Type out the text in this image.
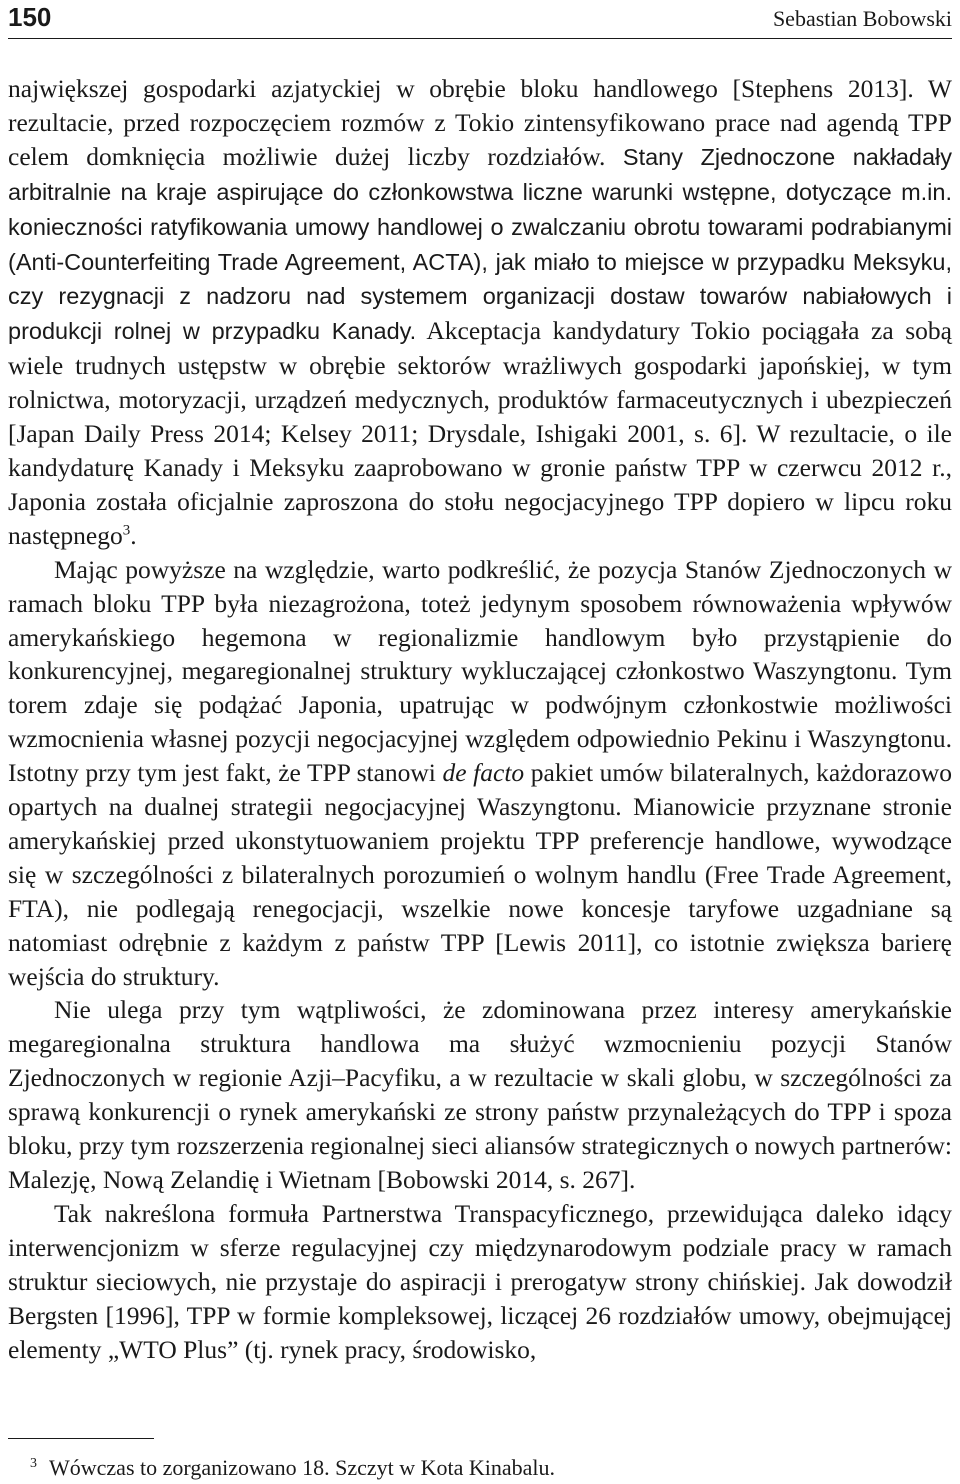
150	Sebastian Bobowski

największej gospodarki azjatyckiej w obrębie bloku handlowego [Stephens 2013]. W rezultacie, przed rozpoczęciem rozmów z Tokio zintensyfikowano prace nad agendą TPP celem domknięcia możliwie dużej liczby rozdziałów. Stany Zjednoczone nakładały arbitralnie na kraje aspirujące do członkowstwa liczne warunki wstępne, dotyczące m.in. konieczności ratyfikowania umowy handlowej o zwalczaniu obrotu towarami podrabianymi (Anti-Counterfeiting Trade Agreement, ACTA), jak miało to miejsce w przypadku Meksyku, czy rezygnacji z nadzoru nad systemem organizacji dostaw towarów nabiałowych i produkcji rolnej w przypadku Kanady. Akceptacja kandydatury Tokio pociągała za sobą wiele trudnych ustępstw w obrębie sektorów wrażliwych gospodarki japońskiej, w tym rolnictwa, motoryzacji, urządzeń medycznych, produktów farmaceutycznych i ubezpieczeń [Japan Daily Press 2014; Kelsey 2011; Drysdale, Ishigaki 2001, s. 6]. W rezultacie, o ile kandydaturę Kanady i Meksyku zaaprobowano w gronie państw TPP w czerwcu 2012 r., Japonia została oficjalnie zaproszona do stołu negocjacyjnego TPP dopiero w lipcu roku następnego$^3$.

Mając powyższe na względzie, warto podkreślić, że pozycja Stanów Zjednoczonych w ramach bloku TPP była niezagrożona, toteż jedynym sposobem równoważenia wpływów amerykańskiego hegemona w regionalizmie handlowym było przystąpienie do konkurencyjnej, megaregionalnej struktury wykluczającej członkostwo Waszyngtonu. Tym torem zdaje się podążać Japonia, upatrując w podwójnym członkostwie możliwości wzmocnienia własnej pozycji negocjacyjnej względem odpowiednio Pekinu i Waszyngtonu. Istotny przy tym jest fakt, że TPP stanowi de facto pakiet umów bilateralnych, każdorazowo opartych na dualnej strategii negocjacyjnej Waszyngtonu. Mianowicie przyznane stronie amerykańskiej przed ukonstytuowaniem projektu TPP preferencje handlowe, wywodzące się w szczególności z bilateralnych porozumień o wolnym handlu (Free Trade Agreement, FTA), nie podlegają renegocjacji, wszelkie nowe koncesje taryfowe uzgadniane są natomiast odrębnie z każdym z państw TPP [Lewis 2011], co istotnie zwiększa barierę wejścia do struktury.

Nie ulega przy tym wątpliwości, że zdominowana przez interesy amerykańskie megaregionalna struktura handlowa ma służyć wzmocnieniu pozycji Stanów Zjednoczonych w regionie Azji–Pacyfiku, a w rezultacie w skali globu, w szczególności za sprawą konkurencji o rynek amerykański ze strony państw przynależących do TPP i spoza bloku, przy tym rozszerzenia regionalnej sieci aliansów strategicznych o nowych partnerów: Malezję, Nową Zelandię i Wietnam [Bobowski 2014, s. 267].

Tak nakreślona formuła Partnerstwa Transpacyficznego, przewidująca daleko idący interwencjonizm w sferze regulacyjnej czy międzynarodowym podziale pracy w ramach struktur sieciowych, nie przystaje do aspiracji i prerogatyw strony chińskiej. Jak dowodził Bergsten [1996], TPP w formie kompleksowej, liczącej 26 rozdziałów umowy, obejmującej elementy „WTO Plus” (tj. rynek pracy, środowisko,

$^3$ Wówczas to zorganizowano 18. Szczyt w Kota Kinabalu.
